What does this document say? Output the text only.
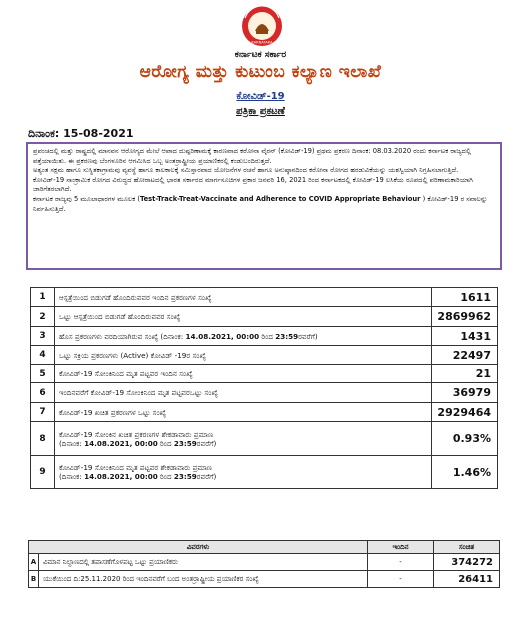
KARNATAKA
ಕರ್ನಾಟಕ ಸರ್ಕಾರ
ಆರೋಗ್ಯ ಮತ್ತು ಕುಟುಂಬ ಕಲ್ಯಾಣ ಇಲಾಖೆ
ಕೋವಿಡ್-19
ಪತ್ರಿಕಾ ಪ್ರಕಟಣೆ
ದಿನಾಂಕ: 15-08-2021

ಪ್ರಪಂಚದಲ್ಲಿ ಮತ್ತು ರಾಷ್ಟ್ರದಲ್ಲಿ ಮಾನವನ ಆರೋಗ್ಯದ ಮೇಲೆ ಆಪಾದ ದುಷ್ಪರಿಣಾಮಕ್ಕೆ ಕಾರಣವಾದ ಕರೋನಾ ವೈರನ್ (ಕೋವಿಡ್-19) ಪ್ರಥಮ ಪ್ರಕರಣ ದಿನಾಂಕ: 08.03.2020 ರಂದು ಕರ್ನಾಟಕ ರಾಜ್ಯದಲ್ಲಿ ಪತ್ತೆಯಾಯಿತು. ಈ ಪ್ರಕರಣವು ಬೆಂಗಳೂರಿನ ಆಗಮಿಸಿದ ಒಬ್ಬ ಅಂತರ್ರಾಷ್ಟ್ರೀಯ ಪ್ರಯಾಣಿಕರಲ್ಲಿ ಕಂಡುಬಂದಿರುತ್ತದೆ.

ಅತ್ಯಂತ ಸಕ್ಷಮ ಹಾಗೂ ಸುಸ್ಥಿತಕಾಗ್ರಾಮವು ವ್ಯವಸ್ಥೆ ಹಾಗೂ ಕಾಲಕಾಲಕ್ಕೆ ಸಮಿಸ್ತಾರವಾದ ಯೋಜನೆಗಳ ರಚನೆ ಹಾಗೂ ಅನುಷ್ಠಾನದಿಂದ ಕರೋನಾ ರೋಗದ ಹರಡುವಿಕೆಯನ್ನು ಯಶಸ್ವಿಯಾಗಿ ನಿಗ್ರಹಿಸಲಾಗುತ್ತಿದೆ.

ಕೋವಿಡ್-19 ಸಾಂಕ್ರಾಮಿಕ ರೋಗದ ವಿರುದ್ಧದ ಹೋರಾಟದಲ್ಲಿ ಭಾರತ ಸರ್ಕಾರದ ಮಾರ್ಗಸೂಚಿಗಳ ಪ್ರಕಾರ ಜನವರಿ 16, 2021 ರಿಂದ ಕರ್ನಾಟಕದಲ್ಲಿ ಕೋವಿಡ್-19 ಲಸಿಕೆಯ ರೂಪದಲ್ಲಿ ಪರಿಣಾಮಕಾರಿಯಾಗಿ ಜಾರಿಗೆತರಲಾಗಿದೆ.

ಕರ್ನಾಟಕ ರಾಜ್ಯವು 5 ಮೂಲಾಧಾರಗಳ ಮೂಲಕ (Test-Track-Treat-Vaccinate and Adherence to COVID Appropriate Behaviour ) ಕೋವಿಡ್-19 ರ ಸವಾಲನ್ನು ನಿರ್ವಹಿಸುತ್ತಿದೆ.

1	ಆಸ್ಪತ್ರೆಯಿಂದ ಬಿಡುಗಡೆ ಹೊಂದಿರುವವರ ಇಂದಿನ ಪ್ರಕರಣಗಳ ಸಂಖ್ಯೆ	1611
2	ಒಟ್ಟು ಆಸ್ಪತ್ರೆಯಿಂದ ಬಿಡುಗಡೆ ಹೊಂದಿರುವವರ ಸಂಖ್ಯೆ	2869962
3	ಹೊಸ ಪ್ರಕರಣಗಳು ವರದಿಯಾಗಿರುವ ಸಂಖ್ಯೆ (ದಿನಾಂಕ: 14.08.2021, 00:00 ರಿಂದ 23:59ರವರೆಗೆ)	1431
4	ಒಟ್ಟು ಸಕ್ರಿಯ ಪ್ರಕರಣಗಳು (Active) ಕೋವಿಡ್ -19ರ ಸಂಖ್ಯೆ	22497
5	ಕೋವಿಡ್-19 ಸೋಂಕಿನಿಂದ ಮೃತ ಪಟ್ಟವರ ಇಂದಿನ ಸಂಖ್ಯೆ	21
6	ಇಂದಿನವರೆಗೆ ಕೋವಿಡ್-19 ಸೋಂಕಿನಿಂದ ಮೃತ ಪಟ್ಟವರಒಟ್ಟು ಸಂಖ್ಯೆ	36979
7	ಕೋವಿಡ್-19 ಖಚಿತ ಪ್ರಕರಣಗಳ ಒಟ್ಟು ಸಂಖ್ಯೆ	2929464
8	ಕೋವಿಡ್-19 ಸೋಂಕಿನ ಖಚಿತ ಪ್ರಕರಣಗಳ ಶೇಕಡಾವಾರು ಪ್ರಮಾಣ
(ದಿನಾಂಕ: 14.08.2021, 00:00 ರಿಂದ 23:59ರವರೆಗೆ)	0.93%
9	ಕೋವಿಡ್-19 ಸೋಂಕಿನಿಂದ ಮೃತ ಪಟ್ಟವರ ಶೇಕಡಾವಾರು ಪ್ರಮಾಣ
(ದಿನಾಂಕ: 14.08.2021, 00:00 ರಿಂದ 23:59ರವರೆಗೆ)	1.46%
ವಿವರಗಳು		ಇಂದಿನ	ಸಂಚಿತ
A	ವಿಮಾನ ನಿಲ್ದಾಣದಲ್ಲಿ ತಪಾಸಣೆಗೊಳಪಟ್ಟ ಒಟ್ಟು ಪ್ರಯಾಣಿಕರು	-	374272
B	ಯುಕೆಯಿಂದ ದಿ:25.11.2020 ರಿಂದ ಇಂದಿನವರೆಗೆ ಬಂದ ಅಂತರ್ರಾಷ್ಟ್ರೀಯ ಪ್ರಯಾಣಿಕರ ಸಂಖ್ಯೆ	-	26411
